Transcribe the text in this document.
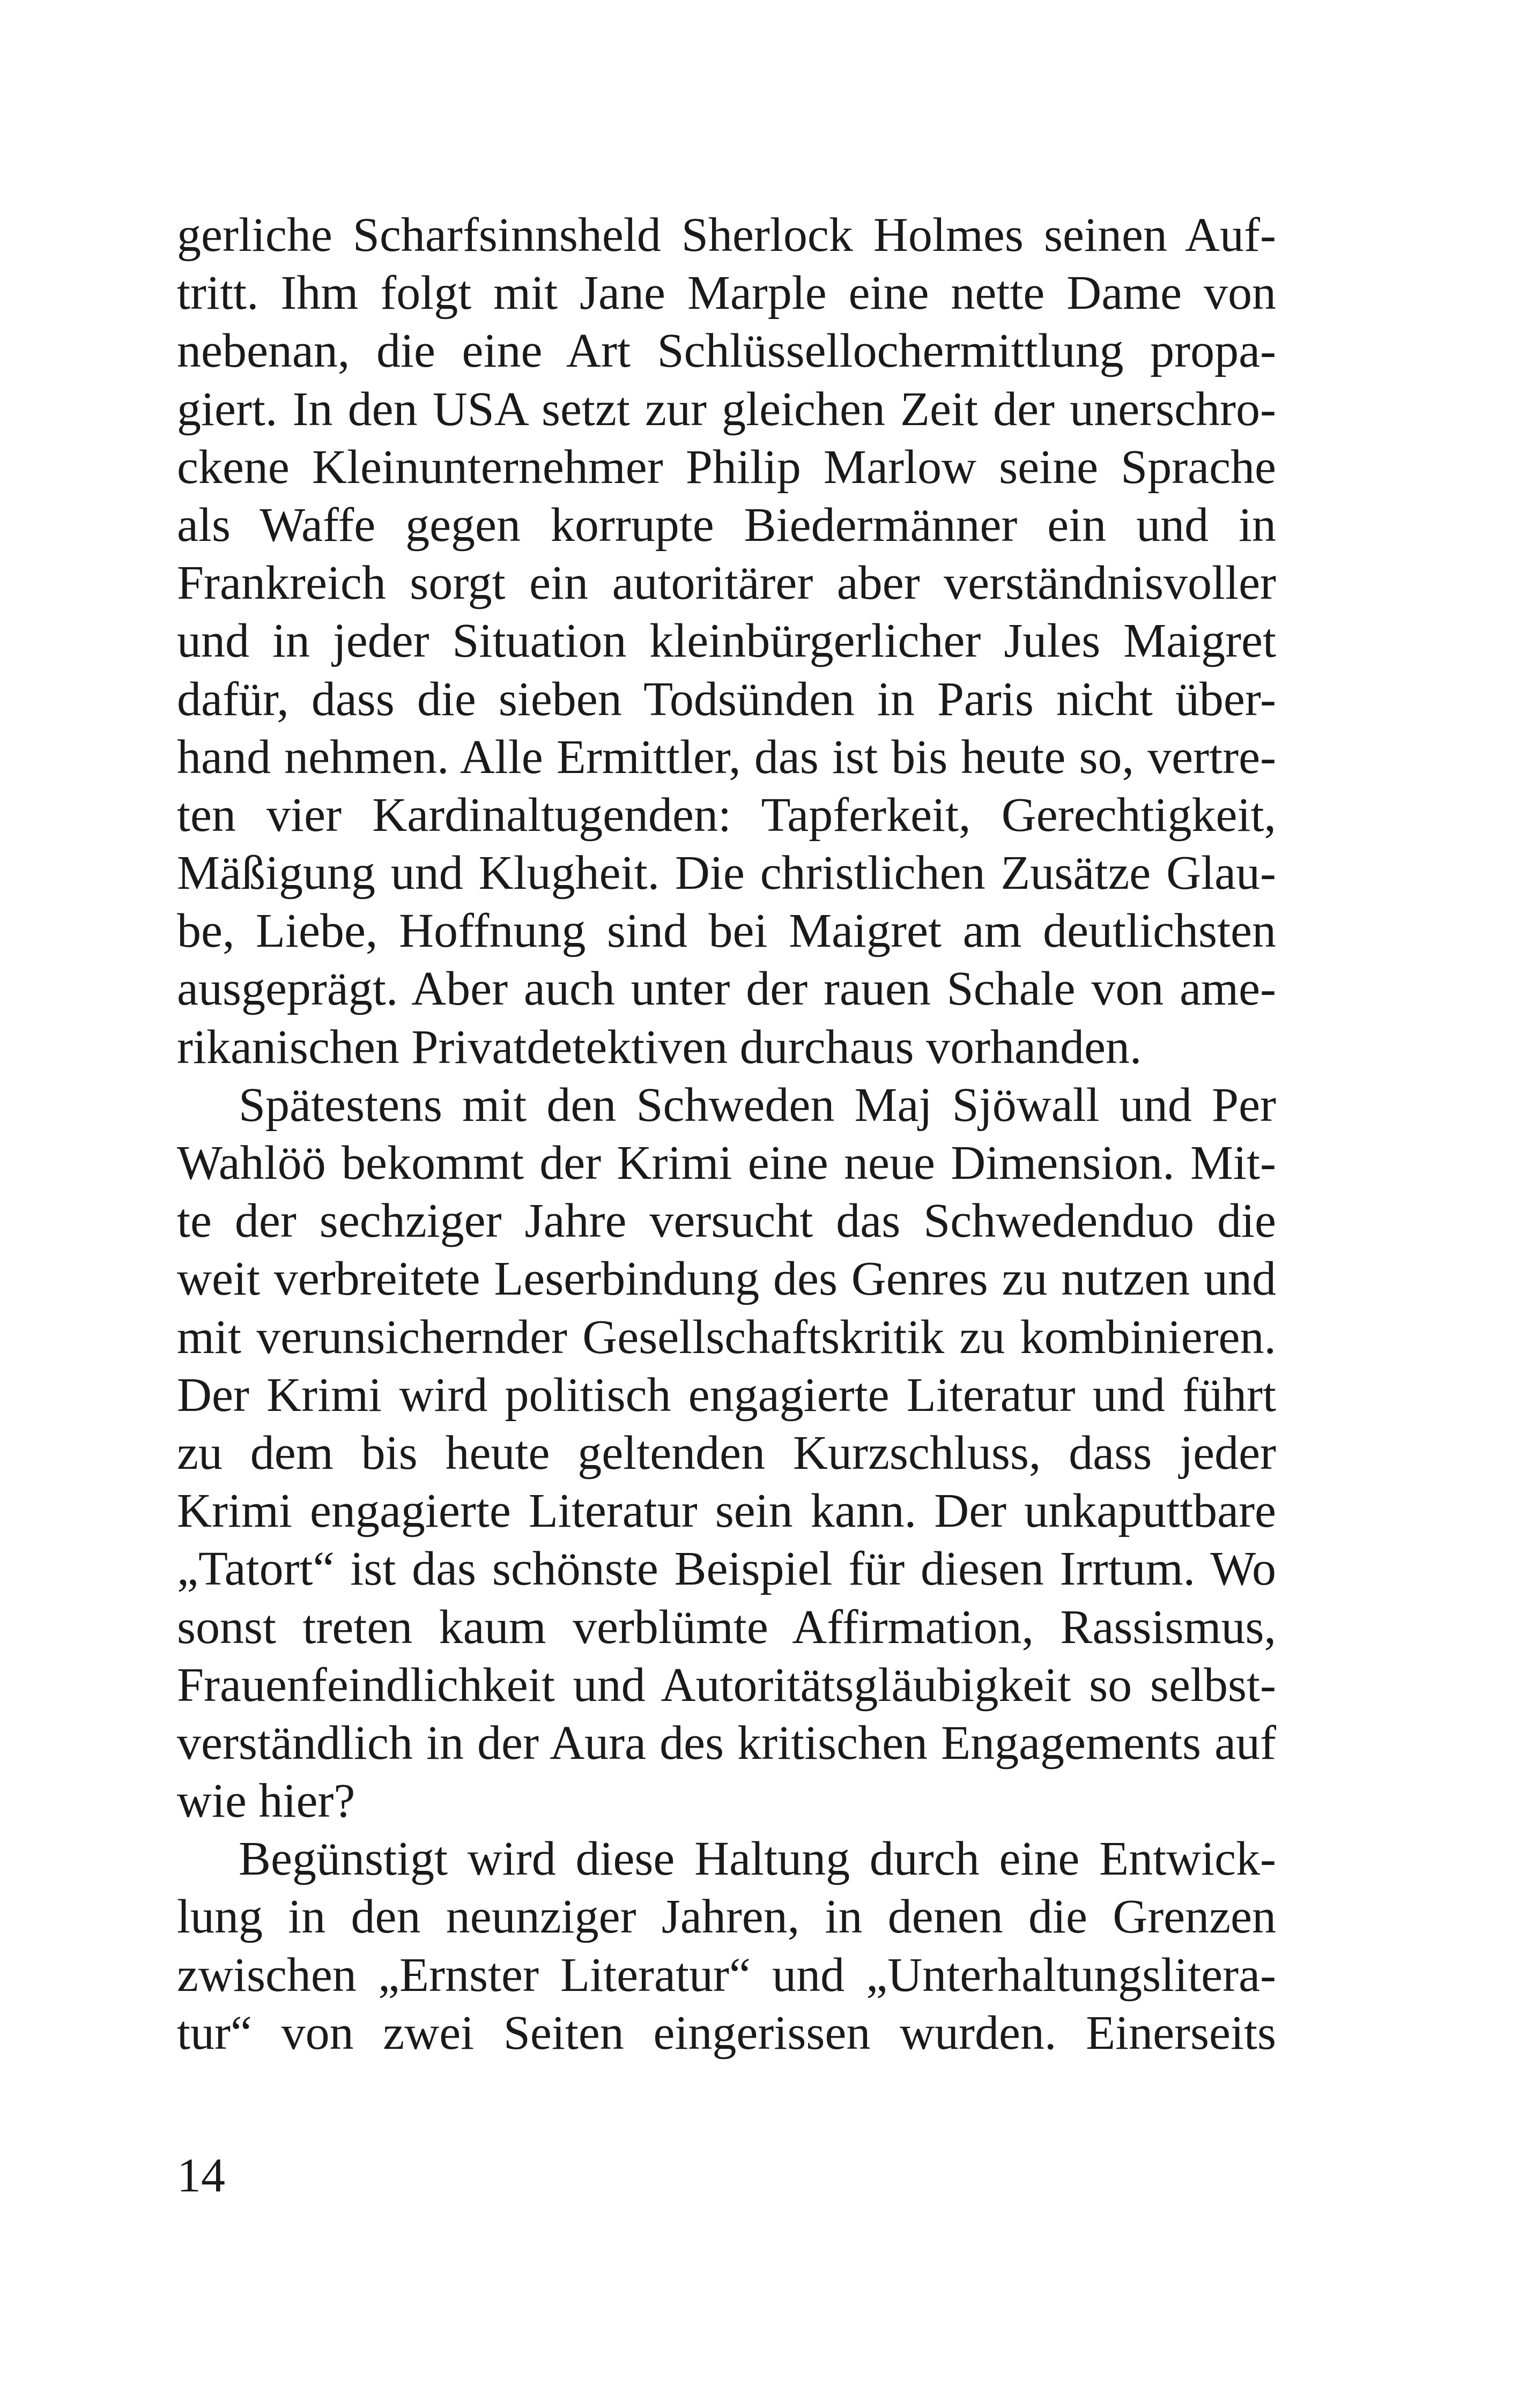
gerliche Scharfsinnsheld Sherlock Holmes seinen Auf-
tritt. Ihm folgt mit Jane Marple eine nette Dame von
nebenan, die eine Art Schlüssellochermittlung propa-
giert. In den USA setzt zur gleichen Zeit der unerschro-
ckene Kleinunternehmer Philip Marlow seine Sprache
als Waffe gegen korrupte Biedermänner ein und in
Frankreich sorgt ein autoritärer aber verständnisvoller
und in jeder Situation kleinbürgerlicher Jules Maigret
dafür, dass die sieben Todsünden in Paris nicht über-
hand nehmen. Alle Ermittler, das ist bis heute so, vertre-
ten vier Kardinaltugenden: Tapferkeit, Gerechtigkeit,
Mäßigung und Klugheit. Die christlichen Zusätze Glau-
be, Liebe, Hoffnung sind bei Maigret am deutlichsten
ausgeprägt. Aber auch unter der rauen Schale von ame-
rikanischen Privatdetektiven durchaus vorhanden.
Spätestens mit den Schweden Maj Sjöwall und Per
Wahlöö bekommt der Krimi eine neue Dimension. Mit-
te der sechziger Jahre versucht das Schwedenduo die
weit verbreitete Leserbindung des Genres zu nutzen und
mit verunsichernder Gesellschaftskritik zu kombinieren.
Der Krimi wird politisch engagierte Literatur und führt
zu dem bis heute geltenden Kurzschluss, dass jeder
Krimi engagierte Literatur sein kann. Der unkaputtbare
„Tatort“ ist das schönste Beispiel für diesen Irrtum. Wo
sonst treten kaum verblümte Affirmation, Rassismus,
Frauenfeindlichkeit und Autoritätsgläubigkeit so selbst-
verständlich in der Aura des kritischen Engagements auf
wie hier?
Begünstigt wird diese Haltung durch eine Entwick-
lung in den neunziger Jahren, in denen die Grenzen
zwischen „Ernster Literatur“ und „Unterhaltungslitera-
tur“ von zwei Seiten eingerissen wurden. Einerseits
14
